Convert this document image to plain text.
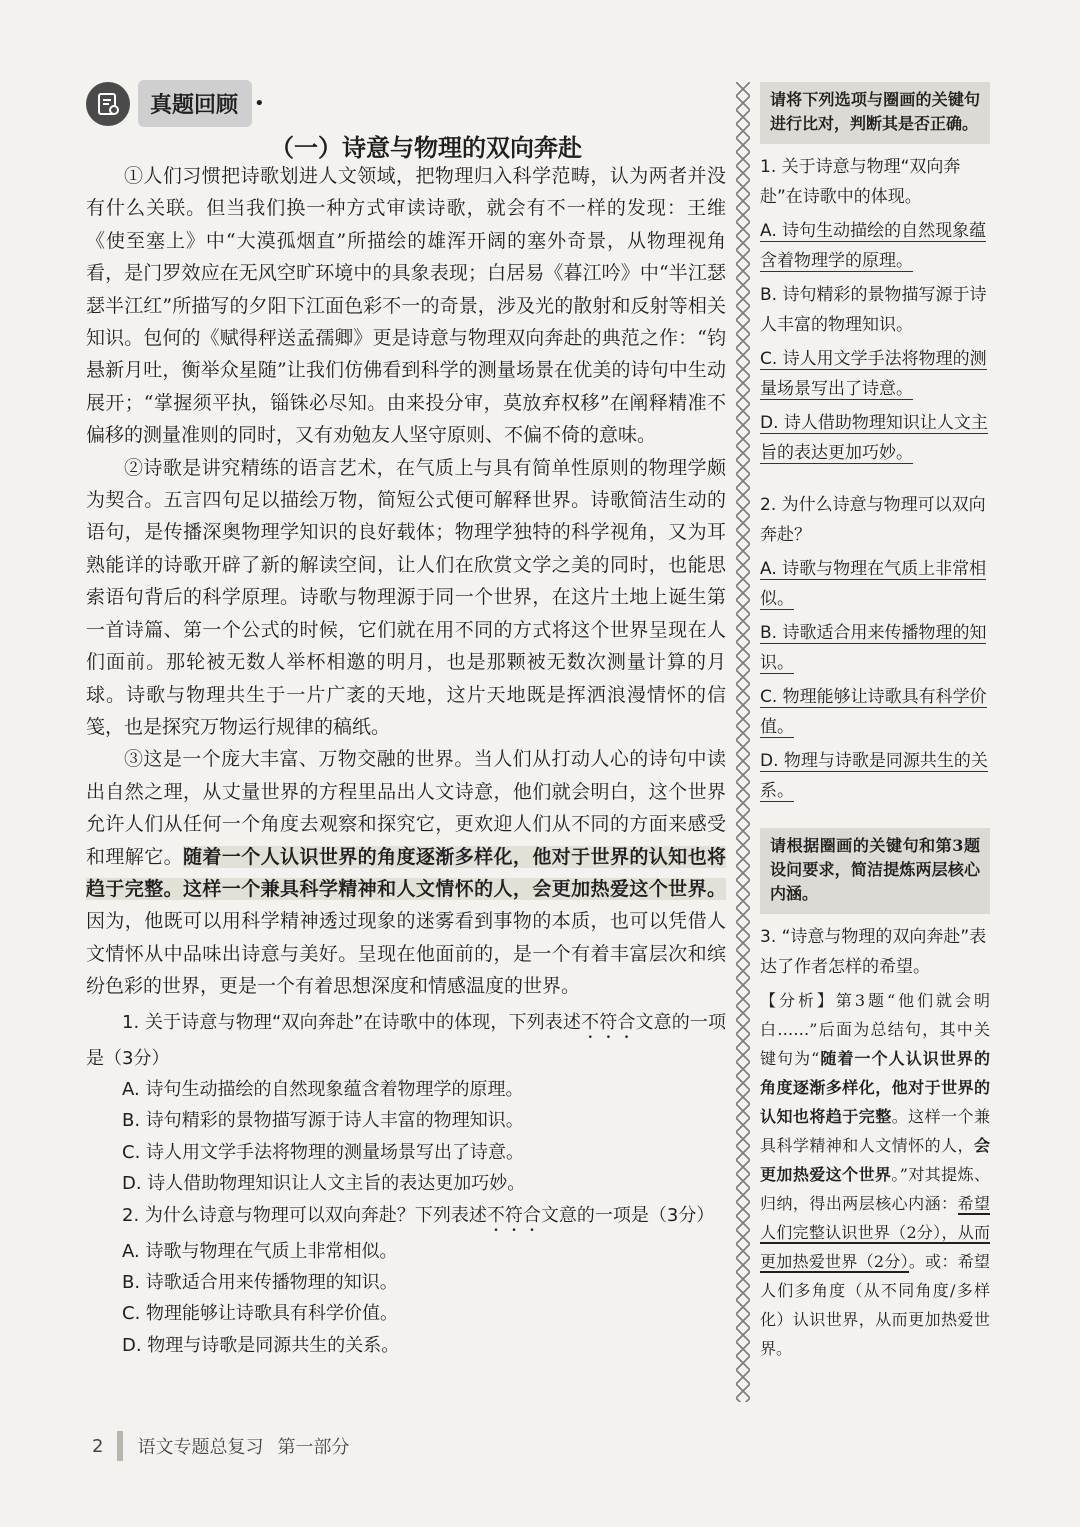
真题回顾 •
（一）诗意与物理的双向奔赴

①人们习惯把诗歌划进人文领域，把物理归入科学范畴，认为两者并没有什么关联。但当我们换一种方式审读诗歌，就会有不一样的发现：王维《使至塞上》中“大漠孤烟直”所描绘的雄浑开阔的塞外奇景，从物理视角看，是门罗效应在无风空旷环境中的具象表现；白居易《暮江吟》中“半江瑟瑟半江红”所描写的夕阳下江面色彩不一的奇景，涉及光的散射和反射等相关知识。包何的《赋得秤送孟孺卿》更是诗意与物理双向奔赴的典范之作：“钧悬新月吐，衡举众星随”让我们仿佛看到科学的测量场景在优美的诗句中生动展开；“掌握须平执，锱铢必尽知。由来投分审，莫放弃权移”在阐释精准不偏移的测量准则的同时，又有劝勉友人坚守原则、不偏不倚的意味。

②诗歌是讲究精练的语言艺术，在气质上与具有简单性原则的物理学颇为契合。五言四句足以描绘万物，简短公式便可解释世界。诗歌简洁生动的语句，是传播深奥物理学知识的良好载体；物理学独特的科学视角，又为耳熟能详的诗歌开辟了新的解读空间，让人们在欣赏文学之美的同时，也能思索语句背后的科学原理。诗歌与物理源于同一个世界，在这片土地上诞生第一首诗篇、第一个公式的时候，它们就在用不同的方式将这个世界呈现在人们面前。那轮被无数人举杯相邀的明月，也是那颗被无数次测量计算的月球。诗歌与物理共生于一片广袤的天地，这片天地既是挥洒浪漫情怀的信笺，也是探究万物运行规律的稿纸。

③这是一个庞大丰富、万物交融的世界。当人们从打动人心的诗句中读出自然之理，从丈量世界的方程里品出人文诗意，他们就会明白，这个世界允许人们从任何一个角度去观察和探究它，更欢迎人们从不同的方面来感受和理解它。随着一个人认识世界的角度逐渐多样化，他对于世界的认知也将趋于完整。这样一个兼具科学精神和人文情怀的人，会更加热爱这个世界。因为，他既可以用科学精神透过现象的迷雾看到事物的本质，也可以凭借人文情怀从中品味出诗意与美好。呈现在他面前的，是一个有着丰富层次和缤纷色彩的世界，更是一个有着思想深度和情感温度的世界。

1. 关于诗意与物理“双向奔赴”在诗歌中的体现，下列表述不符合文意的一项是（3分）

A. 诗句生动描绘的自然现象蕴含着物理学的原理。

B. 诗句精彩的景物描写源于诗人丰富的物理知识。

C. 诗人用文学手法将物理的测量场景写出了诗意。

D. 诗人借助物理知识让人文主旨的表达更加巧妙。

2. 为什么诗意与物理可以双向奔赴？下列表述不符合文意的一项是（3分）

A. 诗歌与物理在气质上非常相似。

B. 诗歌适合用来传播物理的知识。

C. 物理能够让诗歌具有科学价值。

D. 物理与诗歌是同源共生的关系。

请将下列选项与圈画的关键句进行比对，判断其是否正确。

1. 关于诗意与物理“双向奔赴”在诗歌中的体现。

A. 诗句生动描绘的自然现象蕴含着物理学的原理。

B. 诗句精彩的景物描写源于诗人丰富的物理知识。

C. 诗人用文学手法将物理的测量场景写出了诗意。

D. 诗人借助物理知识让人文主旨的表达更加巧妙。

2. 为什么诗意与物理可以双向奔赴？

A. 诗歌与物理在气质上非常相似。

B. 诗歌适合用来传播物理的知识。

C. 物理能够让诗歌具有科学价值。

D. 物理与诗歌是同源共生的关系。

请根据圈画的关键句和第3题设问要求，简洁提炼两层核心内涵。

3. “诗意与物理的双向奔赴”表达了作者怎样的希望。

【分析】第3题“他们就会明白……”后面为总结句，其中关键句为“随着一个人认识世界的角度逐渐多样化，他对于世界的认知也将趋于完整。这样一个兼具科学精神和人文情怀的人，会更加热爱这个世界。”对其提炼、归纳，得出两层核心内涵：希望人们完整认识世界（2分），从而更加热爱世界（2分）。或：希望人们多角度（从不同角度/多样化）认识世界，从而更加热爱世界。

2 语文专题总复习 第一部分
